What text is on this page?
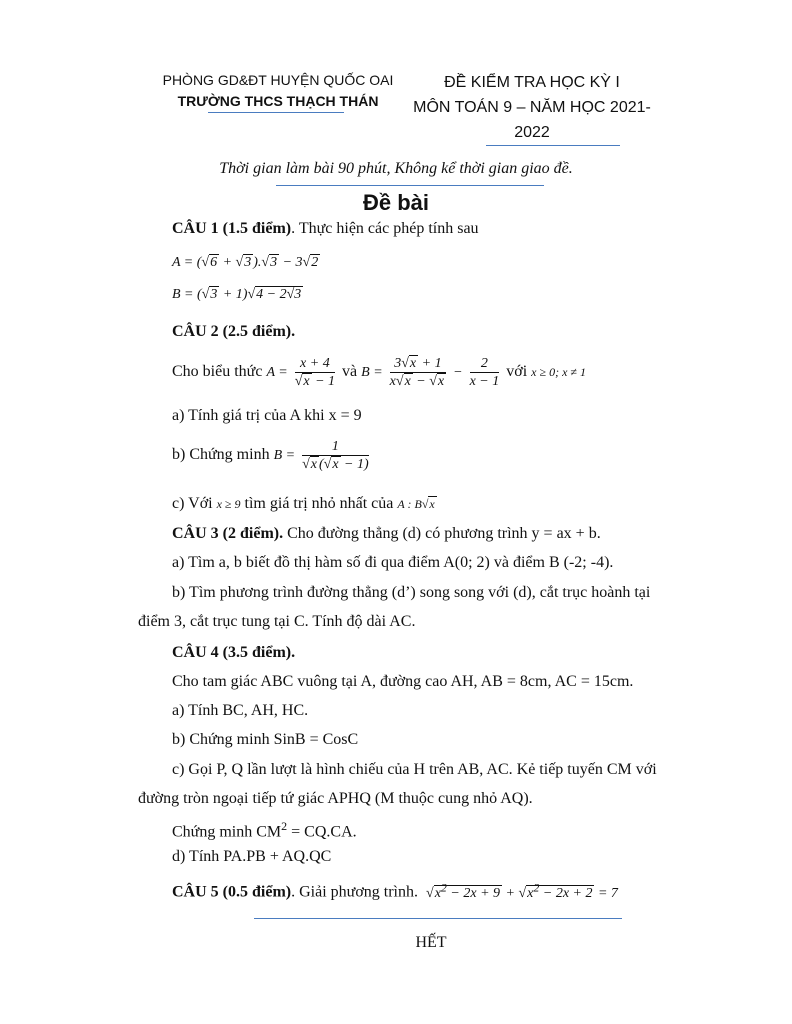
PHÒNG GD&ĐT HUYỆN QUỐC OAI
TRƯỜNG THCS THẠCH THÁN
ĐỀ KIỂM TRA HỌC KỲ I
MÔN TOÁN 9 – NĂM HỌC 2021-2022
Thời gian làm bài 90 phút, Không kể thời gian giao đề.
Đề bài
CÂU 1 (1.5 điểm). Thực hiện các phép tính sau
A = (√6 + √3 ).√3 − 3√2
B = (√3 + 1)√4 − 2√3
CÂU 2 (2.5 điểm).
Cho biểu thức $A = \frac{x + 4}{√x - 1}$ và $B = \frac{3√x + 1}{x√x - √x} - \frac{2}{x - 1}$ với x ≥ 0; x ≠ 1
a) Tính giá trị của A khi x = 9
b) Chứng minh $B = \frac{1}{√x (√x - 1)}$
c) Với x ≥ 9 tìm giá trị nhỏ nhất của A : B√x
CÂU 3 (2 điểm). Cho đường thẳng (d) có phương trình y = ax + b.
a) Tìm a, b biết đồ thị hàm số đi qua điểm A(0; 2) và điểm B (-2; -4).
b) Tìm phương trình đường thẳng (d’) song song với (d), cắt trục hoành tại
điểm 3, cắt trục tung tại C. Tính độ dài AC.
CÂU 4 (3.5 điểm).
Cho tam giác ABC vuông tại A, đường cao AH, AB = 8cm, AC = 15cm.
a) Tính BC, AH, HC.
b) Chứng minh SinB = CosC
c) Gọi P, Q lần lượt là hình chiếu của H trên AB, AC. Kẻ tiếp tuyến CM với
đường tròn ngoại tiếp tứ giác APHQ (M thuộc cung nhỏ AQ).
Chứng minh $CM^2 = CQ.CA$.
d) Tính PA.PB + AQ.QC
CÂU 5 (0.5 điểm). Giải phương trình. $√x^2 - 2x + 9 + √x^2 - 2x + 2 = 7$
HẾT
